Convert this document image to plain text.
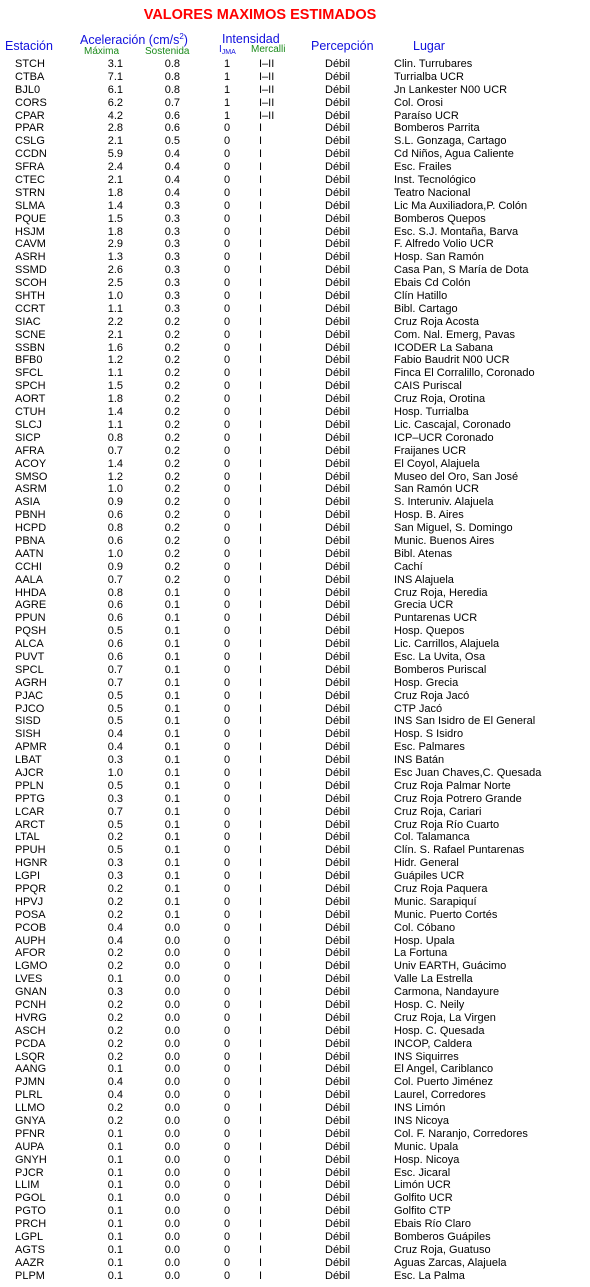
VALORES MAXIMOS ESTIMADOS
Estación Aceleración $(cm/s^2)$
Máxima	Sostenida
Intensidad
$I_{JMA}$ Mercalli Percepción	Lugar
STCH	3.1	0.8	1	I–II	Débil	Clin. Turrubares
CTBA	7.1	0.8	1	I–II	Débil	Turrialba UCR
BJL0	6.1	0.8	1	I–II	Débil	Jn Lankester N00 UCR
CORS	6.2	0.7	1	I–II	Débil	Col. Orosi
CPAR	4.2	0.6	1	I–II	Débil	Paraíso UCR
PPAR	2.8	0.6	0	I	Débil	Bomberos Parrita
CSLG	2.1	0.5	0	I	Débil	S.L. Gonzaga, Cartago
CCDN	5.9	0.4	0	I	Débil	Cd Niños, Agua Caliente
SFRA	2.4	0.4	0	I	Débil	Esc. Frailes
CTEC	2.1	0.4	0	I	Débil	Inst. Tecnológico
STRN	1.8	0.4	0	I	Débil	Teatro Nacional
SLMA	1.4	0.3	0	I	Débil	Lic Ma Auxiliadora,P. Colón
PQUE	1.5	0.3	0	I	Débil	Bomberos Quepos
HSJM	1.8	0.3	0	I	Débil	Esc. S.J. Montaña, Barva
CAVM	2.9	0.3	0	I	Débil	F. Alfredo Volio UCR
ASRH	1.3	0.3	0	I	Débil	Hosp. San Ramón
SSMD	2.6	0.3	0	I	Débil	Casa Pan, S María de Dota
SCOH	2.5	0.3	0	I	Débil	Ebais Cd Colón
SHTH	1.0	0.3	0	I	Débil	Clín Hatillo
CCRT	1.1	0.3	0	I	Débil	Bibl. Cartago
SIAC	2.2	0.2	0	I	Débil	Cruz Roja Acosta
SCNE	2.1	0.2	0	I	Débil	Com. Nal. Emerg, Pavas
SSBN	1.6	0.2	0	I	Débil	ICODER La Sabana
BFB0	1.2	0.2	0	I	Débil	Fabio Baudrit N00 UCR
SFCL	1.1	0.2	0	I	Débil	Finca El Corralillo, Coronado
SPCH	1.5	0.2	0	I	Débil	CAIS Puriscal
AORT	1.8	0.2	0	I	Débil	Cruz Roja, Orotina
CTUH	1.4	0.2	0	I	Débil	Hosp. Turrialba
SLCJ	1.1	0.2	0	I	Débil	Lic. Cascajal, Coronado
SICP	0.8	0.2	0	I	Débil	ICP–UCR Coronado
AFRA	0.7	0.2	0	I	Débil	Fraijanes UCR
ACOY	1.4	0.2	0	I	Débil	El Coyol, Alajuela
SMSO	1.2	0.2	0	I	Débil	Museo del Oro, San José
ASRM	1.0	0.2	0	I	Débil	San Ramón UCR
ASIA	0.9	0.2	0	I	Débil	S. Interuniv. Alajuela
PBNH	0.6	0.2	0	I	Débil	Hosp. B. Aires
HCPD	0.8	0.2	0	I	Débil	San Miguel, S. Domingo
PBNA	0.6	0.2	0	I	Débil	Munic. Buenos Aires
AATN	1.0	0.2	0	I	Débil	Bibl. Atenas
CCHI	0.9	0.2	0	I	Débil	Cachí
AALA	0.7	0.2	0	I	Débil	INS Alajuela
HHDA	0.8	0.1	0	I	Débil	Cruz Roja, Heredia
AGRE	0.6	0.1	0	I	Débil	Grecia UCR
PPUN	0.6	0.1	0	I	Débil	Puntarenas UCR
PQSH	0.5	0.1	0	I	Débil	Hosp. Quepos
ALCA	0.6	0.1	0	I	Débil	Lic. Carrillos, Alajuela
PUVT	0.6	0.1	0	I	Débil	Esc. La Uvita, Osa
SPCL	0.7	0.1	0	I	Débil	Bomberos Puriscal
AGRH	0.7	0.1	0	I	Débil	Hosp. Grecia
PJAC	0.5	0.1	0	I	Débil	Cruz Roja Jacó
PJCO	0.5	0.1	0	I	Débil	CTP Jacó
SISD	0.5	0.1	0	I	Débil	INS San Isidro de El General
SISH	0.4	0.1	0	I	Débil	Hosp. S Isidro
APMR	0.4	0.1	0	I	Débil	Esc. Palmares
LBAT	0.3	0.1	0	I	Débil	INS Batán
AJCR	1.0	0.1	0	I	Débil	Esc Juan Chaves,C. Quesada
PPLN	0.5	0.1	0	I	Débil	Cruz Roja Palmar Norte
PPTG	0.3	0.1	0	I	Débil	Cruz Roja Potrero Grande
LCAR	0.7	0.1	0	I	Débil	Cruz Roja, Cariari
ARCT	0.5	0.1	0	I	Débil	Cruz Roja Río Cuarto
LTAL	0.2	0.1	0	I	Débil	Col. Talamanca
PPUH	0.5	0.1	0	I	Débil	Clín. S. Rafael Puntarenas
HGNR	0.3	0.1	0	I	Débil	Hidr. General
LGPI	0.3	0.1	0	I	Débil	Guápiles UCR
PPQR	0.2	0.1	0	I	Débil	Cruz Roja Paquera
HPVJ	0.2	0.1	0	I	Débil	Munic. Sarapiquí
POSA	0.2	0.1	0	I	Débil	Munic. Puerto Cortés
PCOB	0.4	0.0	0	I	Débil	Col. Cóbano
AUPH	0.4	0.0	0	I	Débil	Hosp. Upala
AFOR	0.2	0.0	0	I	Débil	La Fortuna
LGMO	0.2	0.0	0	I	Débil	Univ EARTH, Guácimo
LVES	0.1	0.0	0	I	Débil	Valle La Estrella
GNAN	0.3	0.0	0	I	Débil	Carmona, Nandayure
PCNH	0.2	0.0	0	I	Débil	Hosp. C. Neily
HVRG	0.2	0.0	0	I	Débil	Cruz Roja, La Virgen
ASCH	0.2	0.0	0	I	Débil	Hosp. C. Quesada
PCDA	0.2	0.0	0	I	Débil	INCOP, Caldera
LSQR	0.2	0.0	0	I	Débil	INS Siquirres
AANG	0.1	0.0	0	I	Débil	El Angel, Cariblanco
PJMN	0.4	0.0	0	I	Débil	Col. Puerto Jiménez
PLRL	0.4	0.0	0	I	Débil	Laurel, Corredores
LLMO	0.2	0.0	0	I	Débil	INS Limón
GNYA	0.2	0.0	0	I	Débil	INS Nicoya
PFNR	0.1	0.0	0	I	Débil	Col. F. Naranjo, Corredores
AUPA	0.1	0.0	0	I	Débil	Munic. Upala
GNYH	0.1	0.0	0	I	Débil	Hosp. Nicoya
PJCR	0.1	0.0	0	I	Débil	Esc. Jicaral
LLIM	0.1	0.0	0	I	Débil	Limón UCR
PGOL	0.1	0.0	0	I	Débil	Golfito UCR
PGTO	0.1	0.0	0	I	Débil	Golfito CTP
PRCH	0.1	0.0	0	I	Débil	Ebais Río Claro
LGPL	0.1	0.0	0	I	Débil	Bomberos Guápiles
AGTS	0.1	0.0	0	I	Débil	Cruz Roja, Guatuso
AAZR	0.1	0.0	0	I	Débil	Aguas Zarcas, Alajuela
PLPM	0.1	0.0	0	I	Débil	Esc. La Palma
